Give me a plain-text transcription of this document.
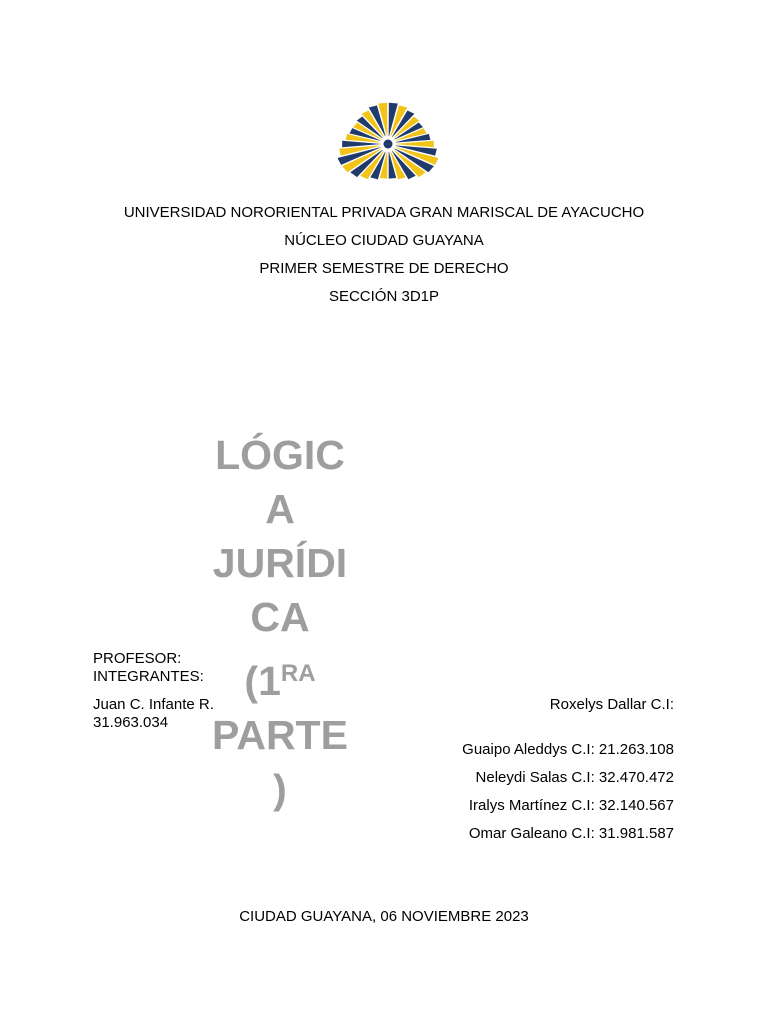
UNIVERSIDAD NORORIENTAL PRIVADA GRAN MARISCAL DE AYACUCHO
NÚCLEO CIUDAD GUAYANA
PRIMER SEMESTRE DE DERECHO
SECCIÓN 3D1P
LÓGIC
A
JURÍDI
CA
($1^{RA}$
PARTE
)
PROFESOR:
INTEGRANTES:
Juan C. Infante R.
31.963.034
Roxelys Dallar C.I:
Guaipo Aleddys C.I: 21.263.108
Neleydi Salas C.I: 32.470.472
Iralys Martínez C.I: 32.140.567
Omar Galeano C.I: 31.981.587
CIUDAD GUAYANA, 06 NOVIEMBRE 2023
